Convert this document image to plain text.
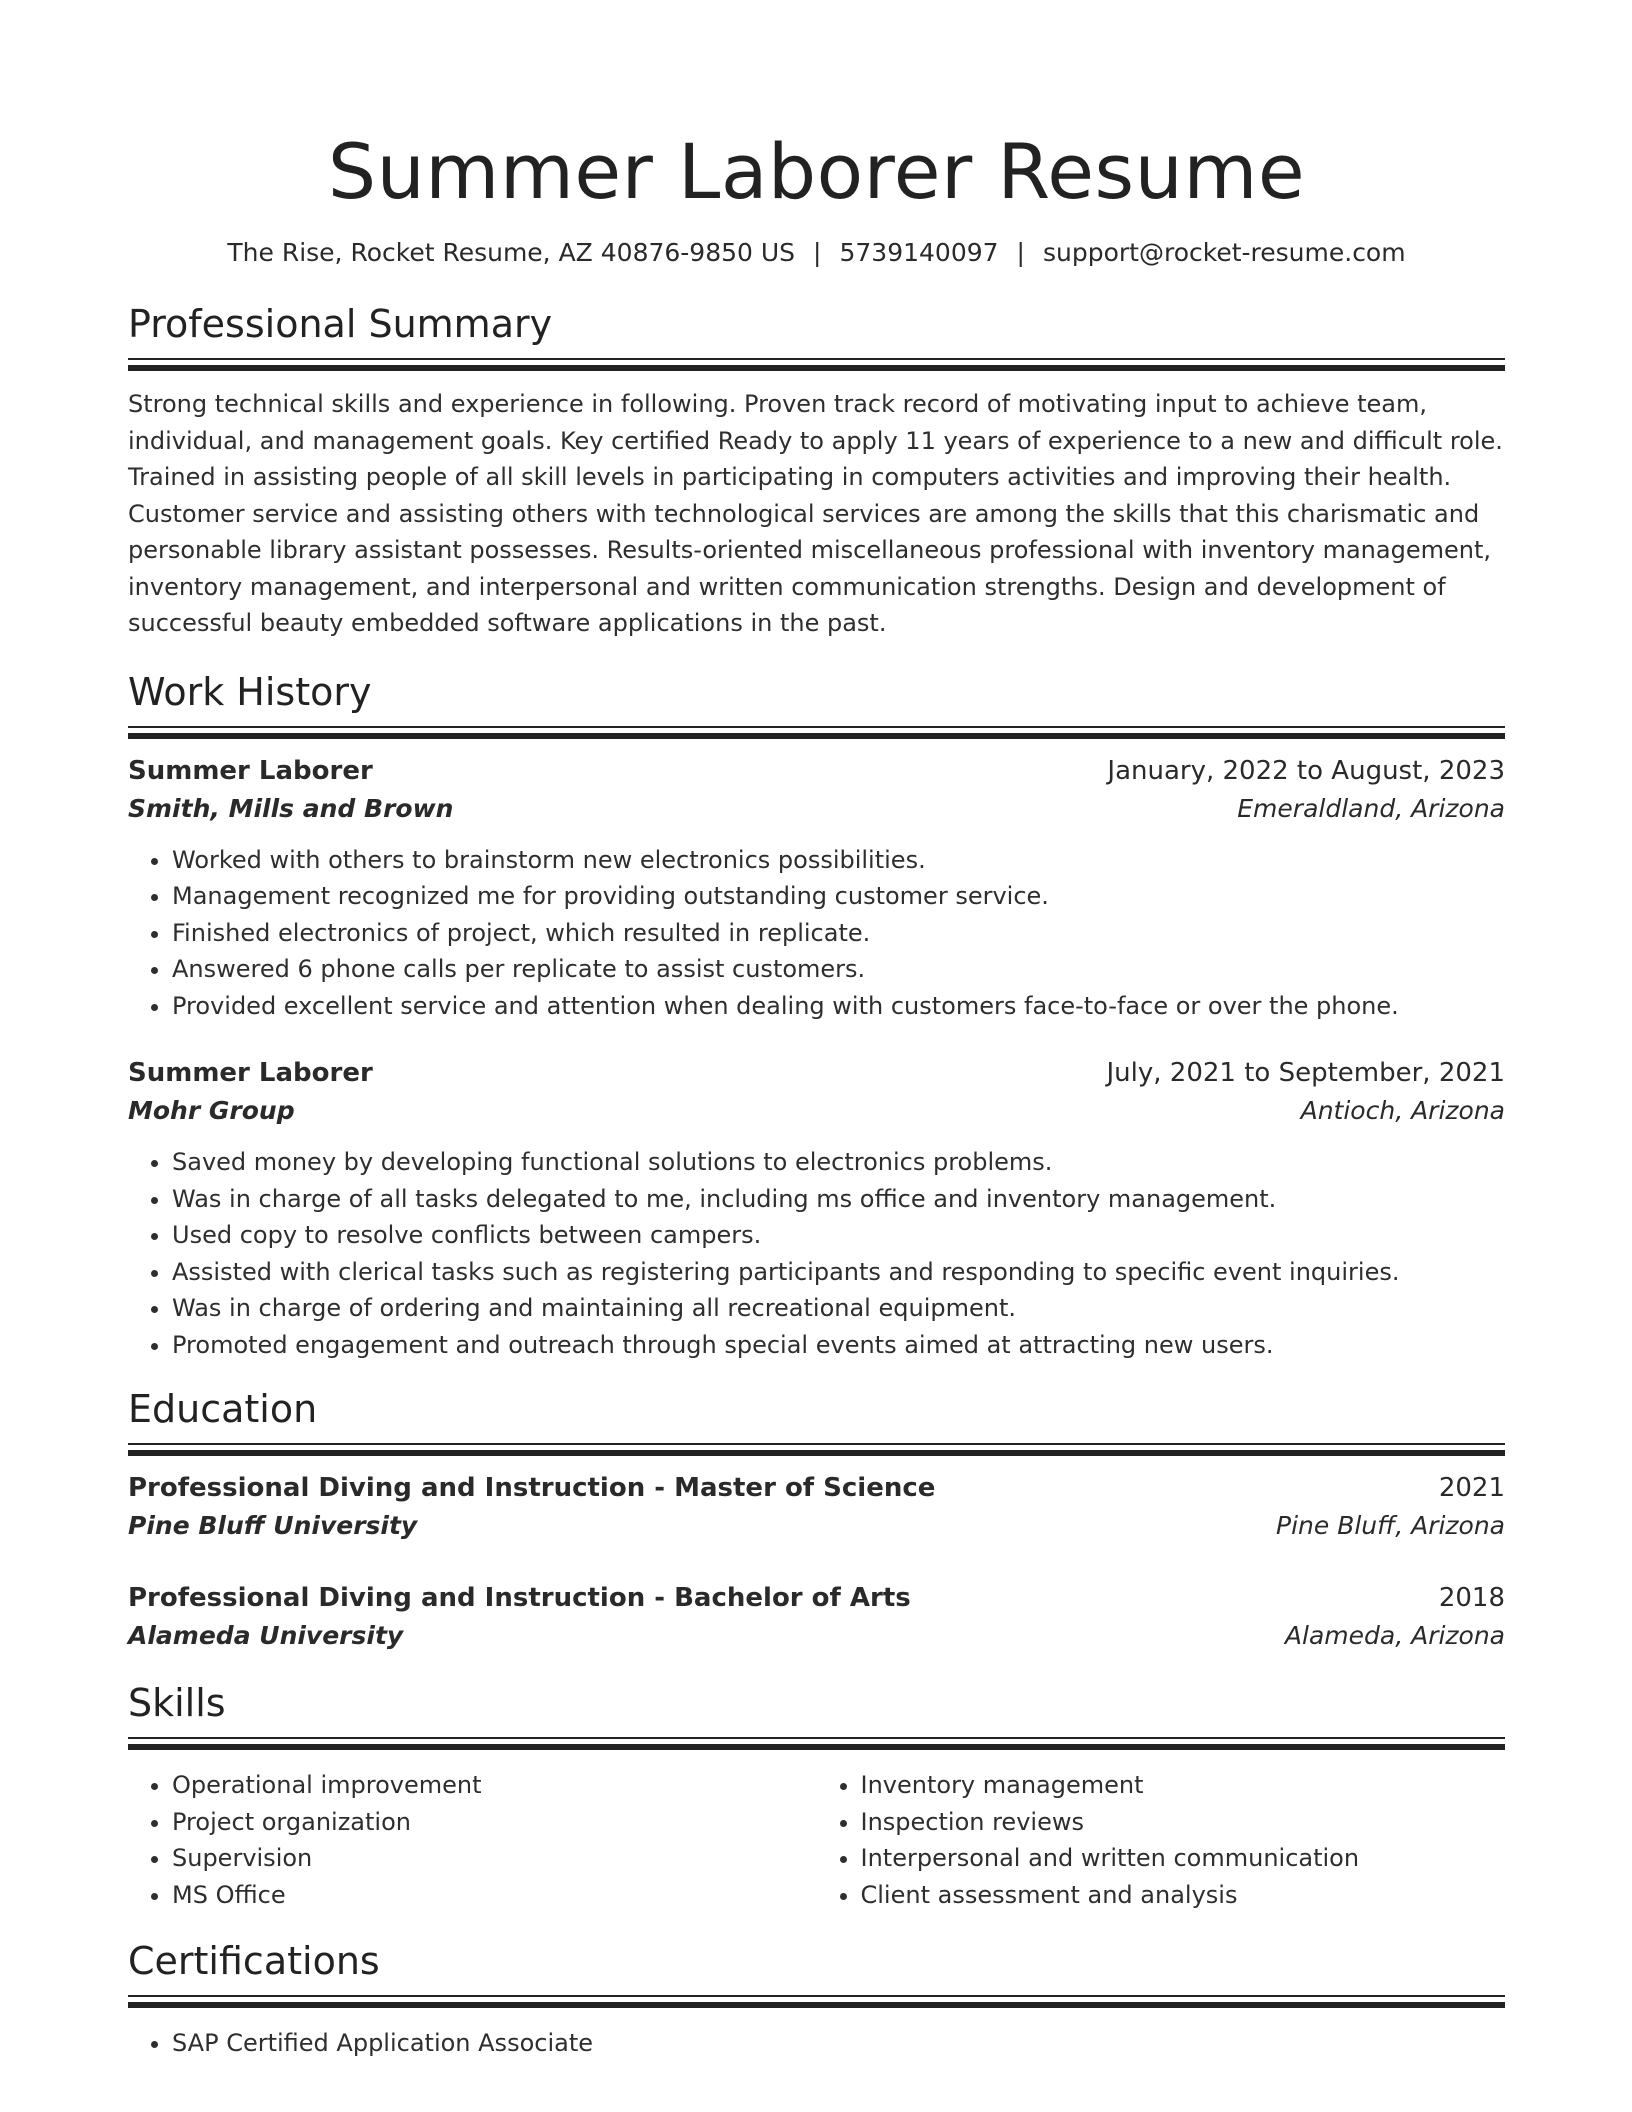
Summer Laborer Resume
The Rise, Rocket Resume, AZ 40876-9850 US | 5739140097 | support@rocket-resume.com
Professional Summary
Strong technical skills and experience in following. Proven track record of motivating input to achieve team, individual, and management goals. Key certified Ready to apply 11 years of experience to a new and difficult role. Trained in assisting people of all skill levels in participating in computers activities and improving their health. Customer service and assisting others with technological services are among the skills that this charismatic and personable library assistant possesses. Results-oriented miscellaneous professional with inventory management, inventory management, and interpersonal and written communication strengths. Design and development of successful beauty embedded software applications in the past.
Work History
Summer Laborer	January, 2022 to August, 2023
Smith, Mills and Brown	Emeraldland, Arizona
• Worked with others to brainstorm new electronics possibilities.
• Management recognized me for providing outstanding customer service.
• Finished electronics of project, which resulted in replicate.
• Answered 6 phone calls per replicate to assist customers.
• Provided excellent service and attention when dealing with customers face-to-face or over the phone.
Summer Laborer	July, 2021 to September, 2021
Mohr Group	Antioch, Arizona
• Saved money by developing functional solutions to electronics problems.
• Was in charge of all tasks delegated to me, including ms office and inventory management.
• Used copy to resolve conflicts between campers.
• Assisted with clerical tasks such as registering participants and responding to specific event inquiries.
• Was in charge of ordering and maintaining all recreational equipment.
• Promoted engagement and outreach through special events aimed at attracting new users.
Education
Professional Diving and Instruction - Master of Science	2021
Pine Bluff University	Pine Bluff, Arizona
Professional Diving and Instruction - Bachelor of Arts	2018
Alameda University	Alameda, Arizona
Skills
• Operational improvement
• Project organization
• Supervision
• MS Office
• Inventory management
• Inspection reviews
• Interpersonal and written communication
• Client assessment and analysis
Certifications
• SAP Certified Application Associate
